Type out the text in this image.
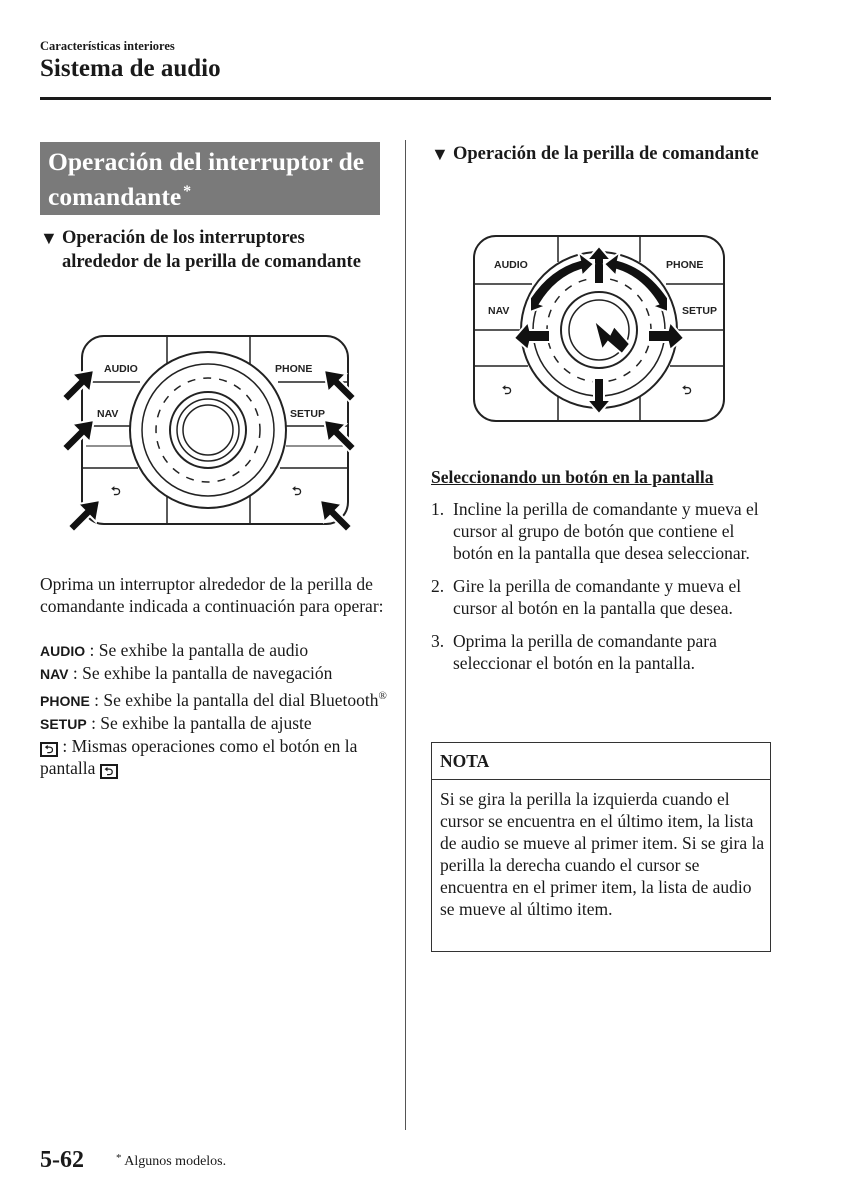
Características interiores
Sistema de audio
Operación del interruptor de comandante *
▼ Operación de los interruptores alrededor de la perilla de comandante
AUDIO	PHONE
NAV	SETUP
⮌	⮌
Oprima un interruptor alrededor de la perilla de comandante indicada a continuación para operar:
AUDIO : Se exhibe la pantalla de audio
NAV : Se exhibe la pantalla de navegación
PHONE : Se exhibe la pantalla del dial Bluetooth®
SETUP : Se exhibe la pantalla de ajuste
⮌ : Mismas operaciones como el botón en la pantalla ⮌
▼ Operación de la perilla de comandante
AUDIO	PHONE
NAV	SETUP
⮌	⮌
Seleccionando un botón en la pantalla
1. Incline la perilla de comandante y mueva el cursor al grupo de botón que contiene el botón en la pantalla que desea seleccionar.
2. Gire la perilla de comandante y mueva el cursor al botón en la pantalla que desea.
3. Oprima la perilla de comandante para seleccionar el botón en la pantalla.
NOTA
Si se gira la perilla la izquierda cuando el cursor se encuentra en el último item, la lista de audio se mueve al primer item. Si se gira la perilla la derecha cuando el cursor se encuentra en el primer item, la lista de audio se mueve al último item.
5-62	* Algunos modelos.
